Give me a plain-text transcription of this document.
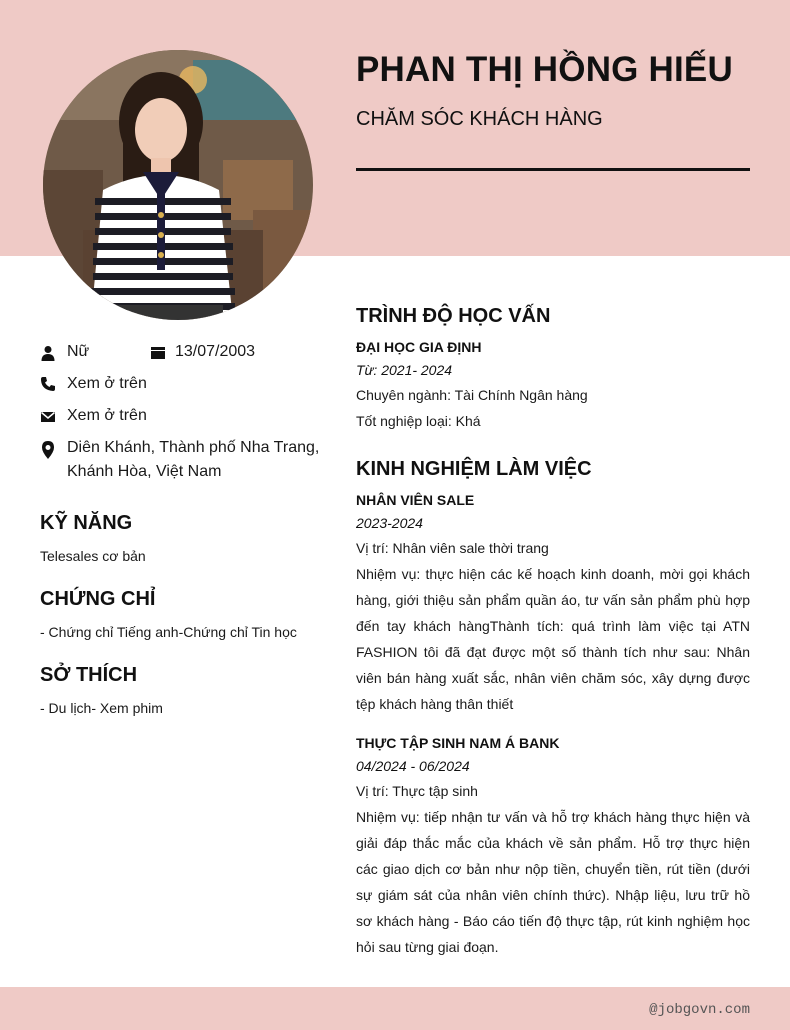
PHAN THỊ HỒNG HIẾU
CHĂM SÓC KHÁCH HÀNG
Nữ	13/07/2003
Xem ở trên
Xem ở trên
Diên Khánh, Thành phố Nha Trang,
Khánh Hòa, Việt Nam
KỸ NĂNG
Telesales cơ bản
CHỨNG CHỈ
- Chứng chỉ Tiếng anh-Chứng chỉ Tin học
SỞ THÍCH
- Du lịch- Xem phim
TRÌNH ĐỘ HỌC VẤN
ĐẠI HỌC GIA ĐỊNH
Từ: 2021- 2024
Chuyên ngành: Tài Chính Ngân hàng
Tốt nghiệp loại: Khá
KINH NGHIỆM LÀM VIỆC
NHÂN VIÊN SALE
2023-2024
Vị trí: Nhân viên sale thời trang
Nhiệm vụ: thực hiện các kế hoạch kinh doanh, mời gọi khách hàng, giới thiệu sản phẩm quần áo, tư vấn sản phẩm phù hợp đến tay khách hàngThành tích: quá trình làm việc tại ATN FASHION tôi đã đạt được một số thành tích như sau: Nhân viên bán hàng xuất sắc, nhân viên chăm sóc, xây dựng được tệp khách hàng thân thiết
THỰC TẬP SINH NAM Á BANK
04/2024 - 06/2024
Vị trí: Thực tập sinh
Nhiệm vụ: tiếp nhận tư vấn và hỗ trợ khách hàng thực hiện và giải đáp thắc mắc của khách về sản phẩm. Hỗ trợ thực hiện các giao dịch cơ bản như nộp tiền, chuyển tiền, rút tiền (dưới sự giám sát của nhân viên chính thức). Nhập liệu, lưu trữ hồ sơ khách hàng - Báo cáo tiến độ thực tập, rút kinh nghiệm học hỏi sau từng giai đoạn.
@jobgovn.com
